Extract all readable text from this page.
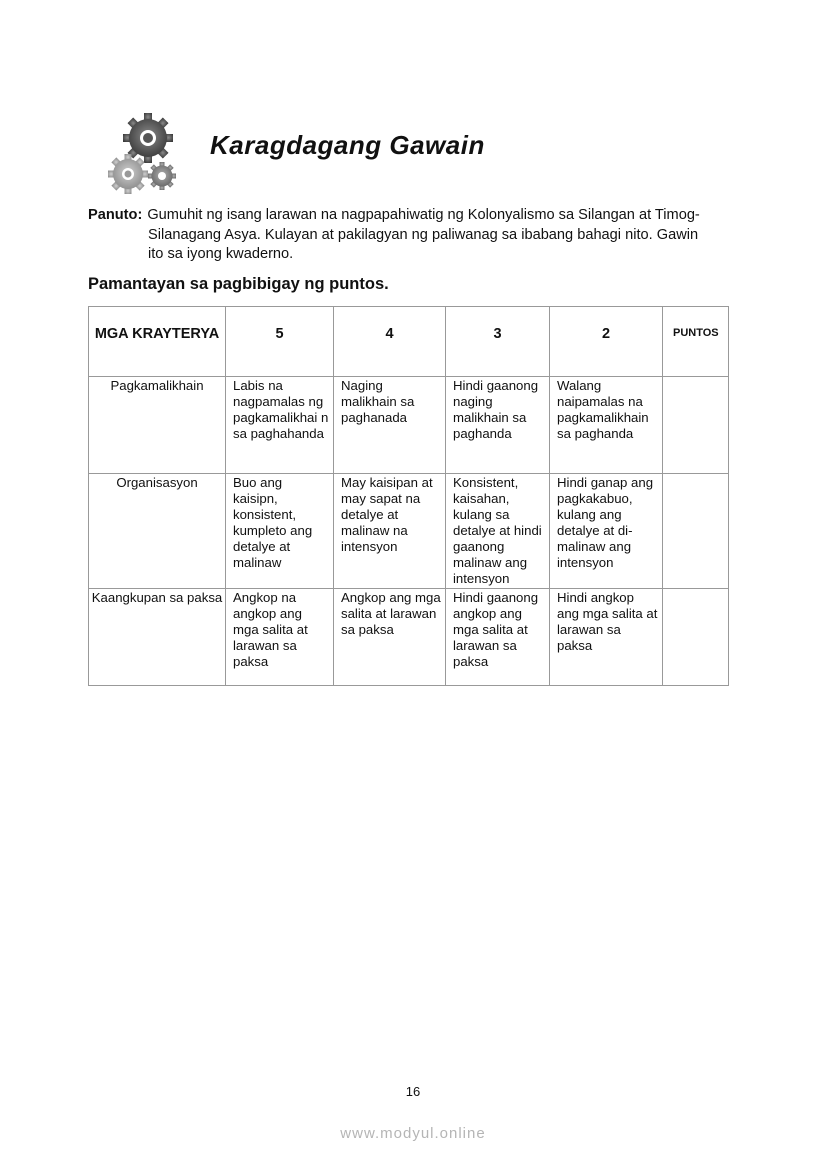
Karagdagang Gawain
Panuto: Gumuhit ng isang larawan na nagpapahiwatig ng Kolonyalismo sa Silangan at Timog-
Silanagang Asya. Kulayan at pakilagyan ng paliwanag sa ibabang bahagi nito. Gawin
ito sa iyong kwaderno.
Pamantayan sa pagbibigay ng puntos.
MGA KRAYTERYA	5	4	3	2	PUNTOS
Pagkamalikhain	Labis na nagpamalas ng pagkamalikhai n sa paghahanda	Naging malikhain sa paghanada	Hindi gaanong naging malikhain sa paghanda	Walang naipamalas na pagkamalikhain sa paghanda	
Organisasyon	Buo ang kaisipn, konsistent, kumpleto ang detalye at malinaw	May kaisipan at may sapat na detalye at malinaw na intensyon	Konsistent, kaisahan, kulang sa detalye at hindi gaanong malinaw ang intensyon	Hindi ganap ang pagkakabuo, kulang ang detalye at di-malinaw ang intensyon	
Kaangkupan sa paksa	Angkop na angkop ang mga salita at larawan sa paksa	Angkop ang mga salita at larawan sa paksa	Hindi gaanong angkop ang mga salita at larawan sa paksa	Hindi angkop ang mga salita at larawan sa paksa	
16
www.modyul.online
